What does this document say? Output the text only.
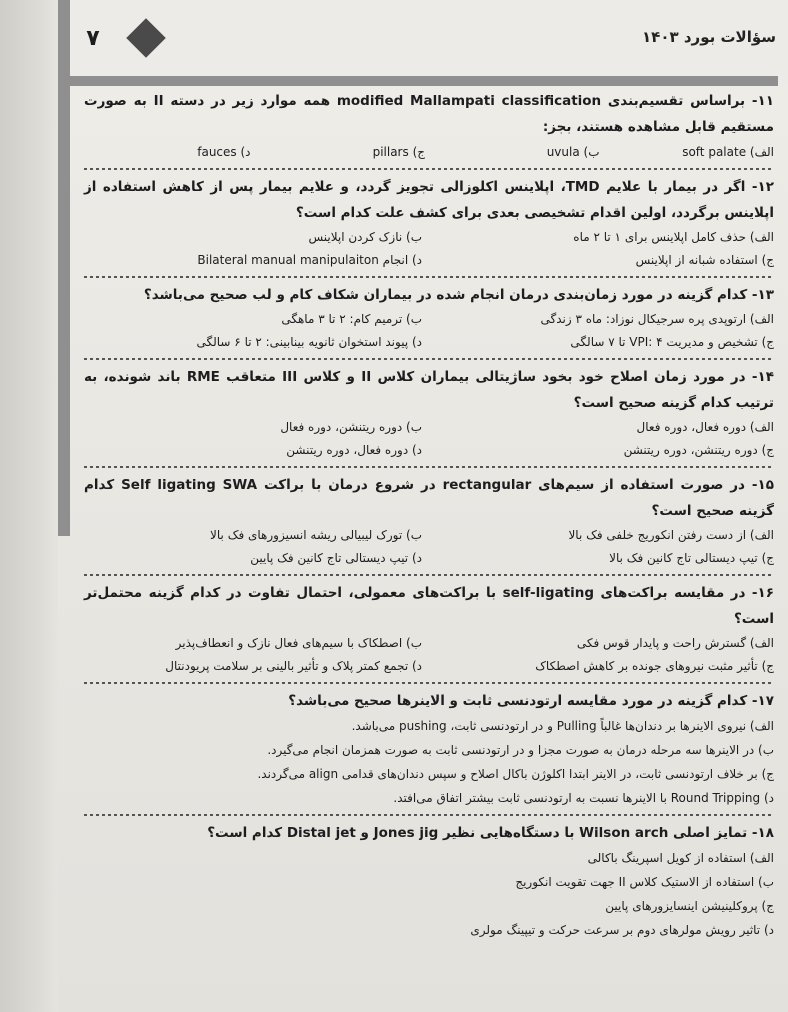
۷	سؤالات بورد ۱۴۰۳
۱۱- براساس تقسیم‌بندی modified Mallampati classification همه موارد زیر در دسته II به صورت مستقیم قابل مشاهده هستند، بجز:
الف) soft palate
ب) uvula
ج) pillars
د) fauces
۱۲- اگر در بیمار با علایم TMD، اپلاینس اکلوزالی تجویز گردد، و علایم بیمار پس از کاهش استفاده از اپلاینس برگردد، اولین اقدام تشخیصی بعدی برای کشف علت کدام است؟
الف) حذف کامل اپلاینس برای ۱ تا ۲ ماه
ب) نازک کردن اپلاینس
ج) استفاده شبانه از اپلاینس
د) انجام Bilateral manual manipulaiton
۱۳- کدام گزینه در مورد زمان‌بندی درمان انجام شده در بیماران شکاف کام و لب صحیح می‌باشد؟
الف) ارتوپدی پره سرجیکال نوزاد: ماه ۳ زندگی
ب) ترمیم کام: ۲ تا ۳ ماهگی
ج) تشخیص و مدیریت VPI: ۴ تا ۷ سالگی
د) پیوند استخوان ثانویه بینابینی: ۲ تا ۶ سالگی
۱۴- در مورد زمان اصلاح خود بخود ساژیتالی بیماران کلاس II و کلاس III متعاقب RME باند شونده، به ترتیب کدام گزینه صحیح است؟
الف) دوره فعال، دوره فعال
ب) دوره ریتنشن، دوره فعال
ج) دوره ریتنشن، دوره ریتنشن
د) دوره فعال، دوره ریتنشن
۱۵- در صورت استفاده از سیم‌های rectangular در شروع درمان با براکت Self ligating SWA کدام گزینه صحیح است؟
الف) از دست رفتن انکوریج خلفی فک بالا
ب) تورک لیبیالی ریشه انسیزورهای فک بالا
ج) تیپ دیستالی تاج کانین فک بالا
د) تیپ دیستالی تاج کانین فک پایین
۱۶- در مقایسه براکت‌های self-ligating با براکت‌های معمولی، احتمال تفاوت در کدام گزینه محتمل‌تر است؟
الف) گسترش راحت و پایدار قوس فکی
ب) اصطکاک با سیم‌های فعال نازک و انعطاف‌پذیر
ج) تأثیر مثبت نیروهای جونده بر کاهش اصطکاک
د) تجمع کمتر پلاک و تأثیر بالینی بر سلامت پریودنتال
۱۷- کدام گزینه در مورد مقایسه ارتودنسی ثابت و الاینرها صحیح می‌باشد؟
الف) نیروی الاینرها بر دندان‌ها غالباً Pulling و در ارتودنسی ثابت، pushing می‌باشد.
ب) در الاینرها سه مرحله درمان به صورت مجزا و در ارتودنسی ثابت به صورت همزمان انجام می‌گیرد.
ج) بر خلاف ارتودنسی ثابت، در الاینر ابتدا اکلوژن باکال اصلاح و سپس دندان‌های قدامی align می‌گردند.
د) Round Tripping با الاینرها نسبت به ارتودنسی ثابت بیشتر اتفاق می‌افتد.
۱۸- تمایز اصلی Wilson arch با دستگاه‌هایی نظیر Jones jig و Distal jet کدام است؟
الف) استفاده از کویل اسپرینگ باکالی
ب) استفاده از الاستیک کلاس II جهت تقویت انکوریج
ج) پروکلینیشن اینسایزورهای پایین
د) تاثیر رویش مولرهای دوم بر سرعت حرکت و تیپینگ مولری
